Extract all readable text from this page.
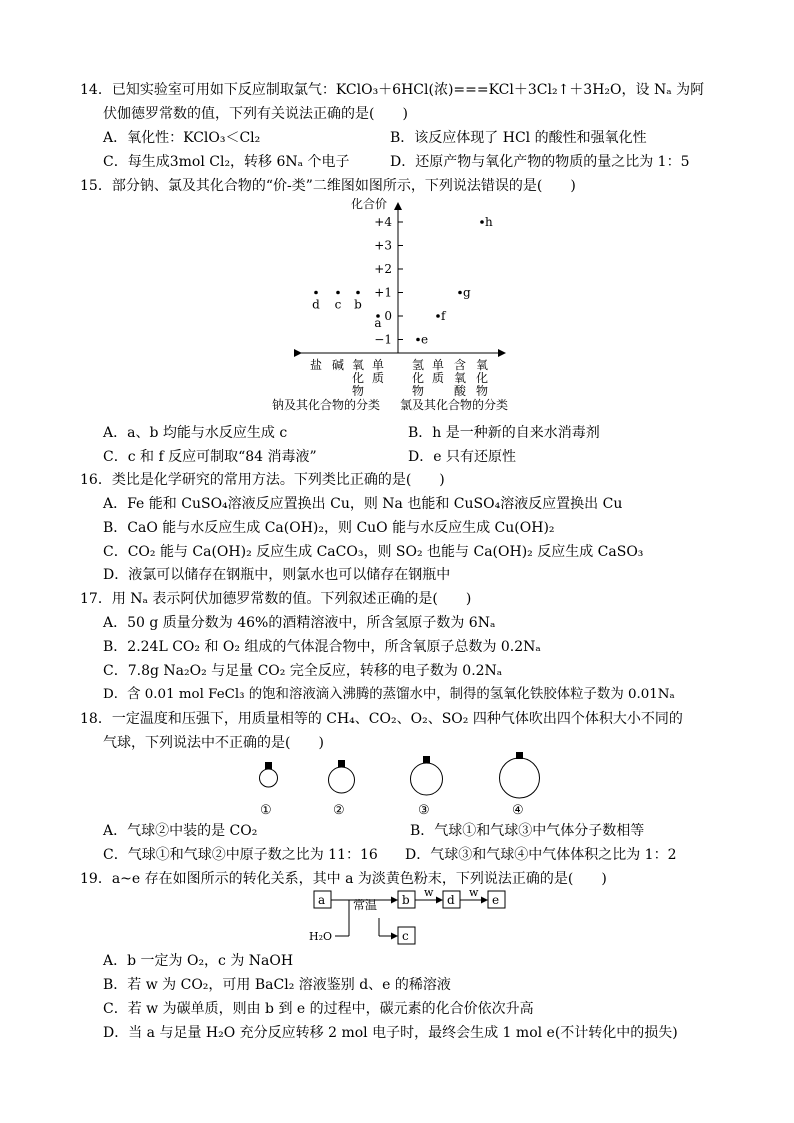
14．已知实验室可用如下反应制取氯气：KClO₃＋6HCl(浓)===KCl＋3Cl₂↑＋3H₂O，设 Nₐ 为阿
伏伽德罗常数的值，下列有关说法正确的是(　　)
A．氧化性：KClO₃＜Cl₂	B．该反应体现了 HCl 的酸性和强氧化性
C．每生成3mol Cl₂，转移 6Nₐ 个电子	D．还原产物与氧化产物的物质的量之比为 1：5
15．部分钠、氯及其化合物的“价-类”二维图如图所示，下列说法错误的是(　　)
化合价
+4
+3
+2
+1
0
−1
盐 碱 氧
化
物
单
质
氢
化
物
单
质
含
氧
酸
氧
化
物
d c b
a
e
f
g
h
钠及其化合物的分类 氯及其化合物的分类
A．a、b 均能与水反应生成 c	B．h 是一种新的自来水消毒剂
C．c 和 f 反应可制取“84 消毒液”	D．e 只有还原性
16．类比是化学研究的常用方法。下列类比正确的是(　　)
A．Fe 能和 CuSO₄溶液反应置换出 Cu，则 Na 也能和 CuSO₄溶液反应置换出 Cu
B．CaO 能与水反应生成 Ca(OH)₂，则 CuO 能与水反应生成 Cu(OH)₂
C．CO₂ 能与 Ca(OH)₂ 反应生成 CaCO₃，则 SO₂ 也能与 Ca(OH)₂ 反应生成 CaSO₃
D．液氯可以储存在钢瓶中，则氯水也可以储存在钢瓶中
17．用 Nₐ 表示阿伏加德罗常数的值。下列叙述正确的是(　　)
A．50 g 质量分数为 46%的酒精溶液中，所含氢原子数为 6Nₐ
B．2.24L CO₂ 和 O₂ 组成的气体混合物中，所含氧原子总数为 0.2Nₐ
C．7.8g Na₂O₂ 与足量 CO₂ 完全反应，转移的电子数为 0.2Nₐ
D．含 0.01 mol FeCl₃ 的饱和溶液滴入沸腾的蒸馏水中，制得的氢氧化铁胶体粒子数为 0.01Nₐ
18．一定温度和压强下，用质量相等的 CH₄、CO₂、O₂、SO₂ 四种气体吹出四个体积大小不同的
气球，下列说法中不正确的是(　　)
①	②	③	④
A．气球②中装的是 CO₂	B．气球①和气球③中气体分子数相等
C．气球①和气球②中原子数之比为 11：16 D．气球③和气球④中气体体积之比为 1：2
19．a~e 存在如图所示的转化关系，其中 a 为淡黄色粉末，下列说法正确的是(　　)
a 常温
H₂O
b
c
w
d
w
e
A．b 一定为 O₂，c 为 NaOH
B．若 w 为 CO₂，可用 BaCl₂ 溶液鉴别 d、e 的稀溶液
C．若 w 为碳单质，则由 b 到 e 的过程中，碳元素的化合价依次升高
D．当 a 与足量 H₂O 充分反应转移 2 mol 电子时，最终会生成 1 mol e(不计转化中的损失)
